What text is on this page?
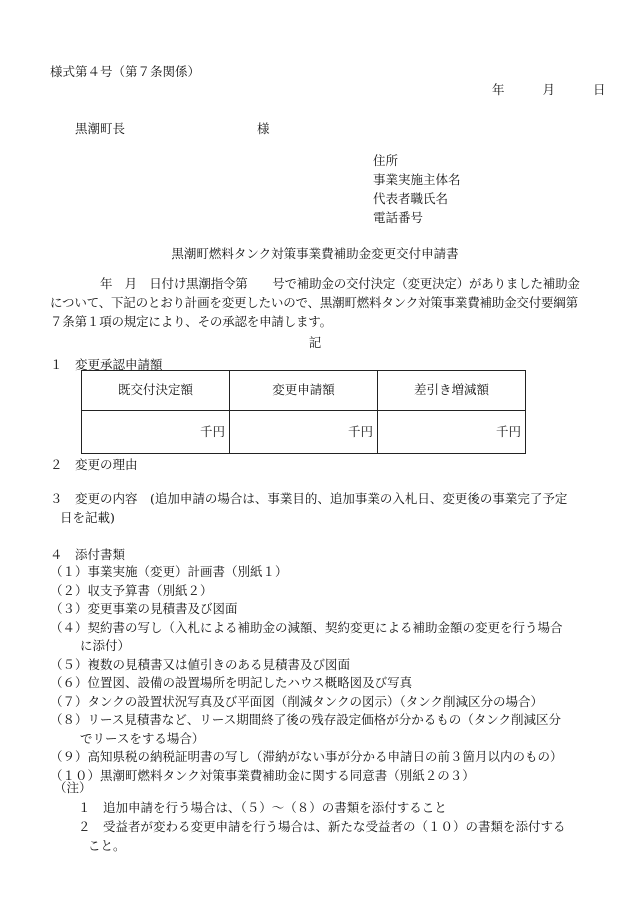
様式第４号（第７条関係）
年	月	日
黒潮町長	様
住所
事業実施主体名
代表者職氏名
電話番号
黒潮町燃料タンク対策事業費補助金変更交付申請書
年　月　日付け黒潮指令第　　号で補助金の交付決定（変更決定）がありました補助金について、下記のとおり計画を変更したいので、黒潮町燃料タンク対策事業費補助金交付要綱第７条第１項の規定により、その承認を申請します。
記
１　変更承認申請額
既交付決定額	変更申請額	差引き増減額
千円	千円	千円
２　変更の理由
３　変更の内容　(追加申請の場合は、事業目的、追加事業の入札日、変更後の事業完了予定
日を記載)
４　添付書類
（１）事業実施（変更）計画書（別紙１）
（２）収支予算書（別紙２）
（３）変更事業の見積書及び図面
（４）契約書の写し（入札による補助金の減額、契約変更による補助金額の変更を行う場合
に添付）
（５）複数の見積書又は値引きのある見積書及び図面
（６）位置図、設備の設置場所を明記したハウス概略図及び写真
（７）タンクの設置状況写真及び平面図（削減タンクの図示）（タンク削減区分の場合）
（８）リース見積書など、リース期間終了後の残存設定価格が分かるもの（タンク削減区分
でリースをする場合）
（９）高知県税の納税証明書の写し（滞納がない事が分かる申請日の前３箇月以内のもの）
（１０）黒潮町燃料タンク対策事業費補助金に関する同意書（別紙２の３）
（注）
１　追加申請を行う場合は、（５）～（８）の書類を添付すること
２　受益者が変わる変更申請を行う場合は、新たな受益者の（１０）の書類を添付する
こと。
